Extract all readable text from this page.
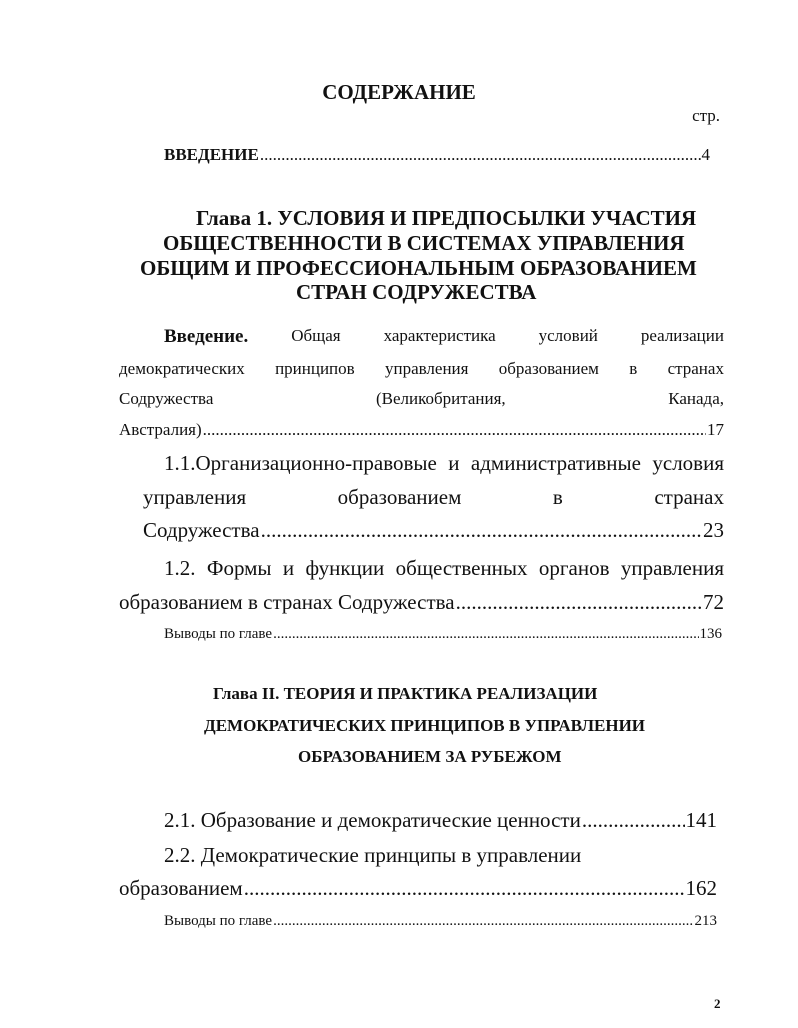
СОДЕРЖАНИЕ
стр.
ВВЕДЕНИЕ .....	4
Глава 1. УСЛОВИЯ И ПРЕДПОСЫЛКИ УЧАСТИЯ
ОБЩЕСТВЕННОСТИ В СИСТЕМАХ УПРАВЛЕНИЯ
ОБЩИМ И ПРОФЕССИОНАЛЬНЫМ ОБРАЗОВАНИЕМ
СТРАН СОДРУЖЕСТВА
Введение.	Общая	характеристика	условий	реализации
демократических принципов управления образованием в странах
Содружества	(Великобритания,	Канада,
Австралия) .....	17
1.1.Организационно-правовые и административные условия
управления	образованием	в	странах
Содружества .....	23
1.2. Формы и функции общественных органов управления
образованием в странах Содружества .....	72
Выводы по главе .....	136
Глава II. ТЕОРИЯ И ПРАКТИКА РЕАЛИЗАЦИИ
ДЕМОКРАТИЧЕСКИХ ПРИНЦИПОВ В УПРАВЛЕНИИ
ОБРАЗОВАНИЕМ ЗА РУБЕЖОМ
2.1. Образование и демократические ценности .....	141
2.2. Демократические принципы в управлении
образованием .....	162
Выводы по главе .....	213
2
